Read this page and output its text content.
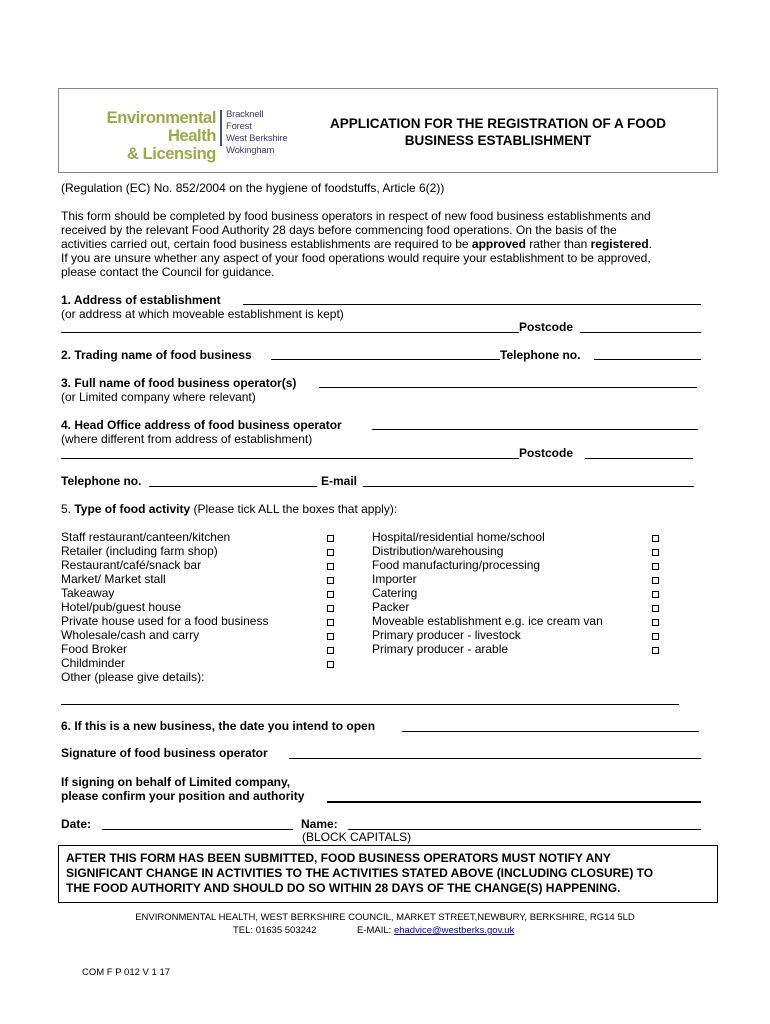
Environmental Health
& Licensing
Bracknell Forest
West Berkshire
Wokingham
APPLICATION FOR THE REGISTRATION OF A FOOD
BUSINESS ESTABLISHMENT
(Regulation (EC) No. 852/2004 on the hygiene of foodstuffs, Article 6(2))
This form should be completed by food business operators in respect of new food business establishments and
received by the relevant Food Authority 28 days before commencing food operations. On the basis of the
activities carried out, certain food business establishments are required to be approved rather than registered.
If you are unsure whether any aspect of your food operations would require your establishment to be approved,
please contact the Council for guidance.
1. Address of establishment
(or address at which moveable establishment is kept)
Postcode
2. Trading name of food business	Telephone no.
3. Full name of food business operator(s)
(or Limited company where relevant)
4. Head Office address of food business operator
(where different from address of establishment)
Postcode
Telephone no.	E-mail
5. Type of food activity (Please tick ALL the boxes that apply):
Staff restaurant/canteen/kitchen
Retailer (including farm shop)
Restaurant/café/snack bar
Market/ Market stall
Takeaway
Hotel/pub/guest house
Private house used for a food business
Wholesale/cash and carry
Food Broker
Childminder
Hospital/residential home/school
Distribution/warehousing
Food manufacturing/processing
Importer
Catering
Packer
Moveable establishment e.g. ice cream van
Primary producer - livestock
Primary producer - arable
Other (please give details):
6. If this is a new business, the date you intend to open
Signature of food business operator
If signing on behalf of Limited company,
please confirm your position and authority
Date:	Name:
(BLOCK CAPITALS)
AFTER THIS FORM HAS BEEN SUBMITTED, FOOD BUSINESS OPERATORS MUST NOTIFY ANY
SIGNIFICANT CHANGE IN ACTIVITIES TO THE ACTIVITIES STATED ABOVE (INCLUDING CLOSURE) TO
THE FOOD AUTHORITY AND SHOULD DO SO WITHIN 28 DAYS OF THE CHANGE(S) HAPPENING.
ENVIRONMENTAL HEALTH, WEST BERKSHIRE COUNCIL, MARKET STREET,NEWBURY, BERKSHIRE, RG14 5LD
TEL: 01635 503242	E-MAIL: ehadvice@westberks.gov.uk
COM F P 012 V 1 17
